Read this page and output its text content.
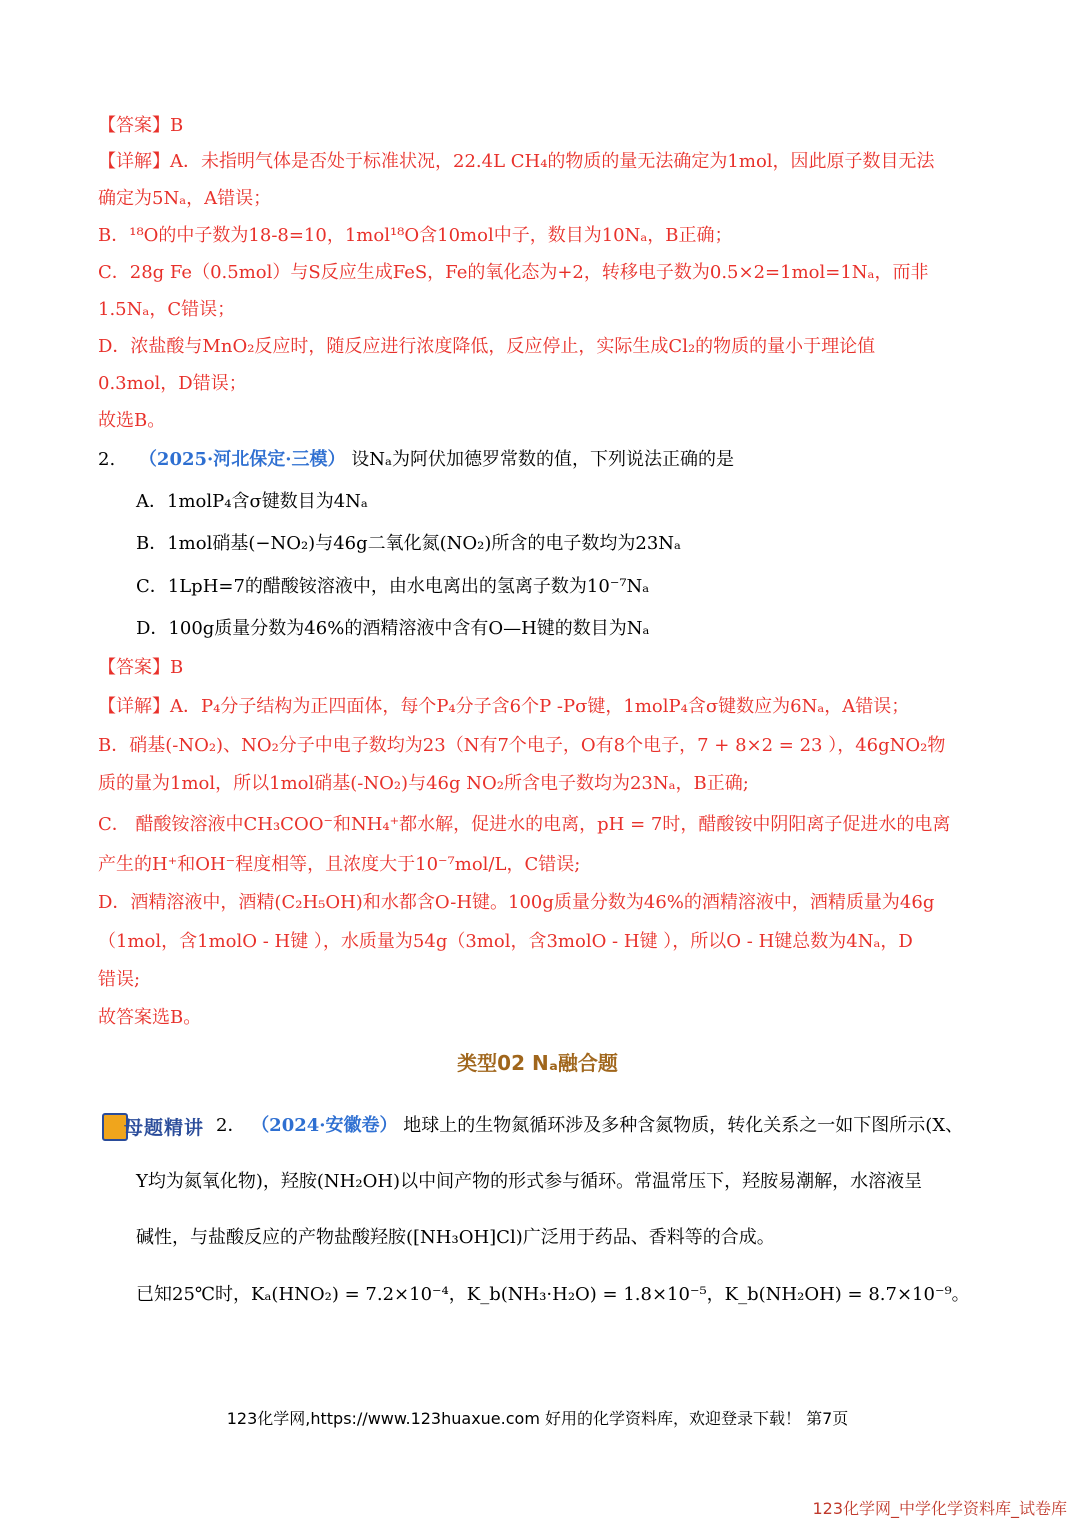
【答案】B
【详解】A．未指明气体是否处于标准状况，22.4L CH₄的物质的量无法确定为1mol，因此原子数目无法
确定为5Nₐ，A错误；
B．¹⁸O的中子数为18-8=10，1mol¹⁸O含10mol中子，数目为10Nₐ，B正确；
C．28g Fe（0.5mol）与S反应生成FeS，Fe的氧化态为+2，转移电子数为0.5×2=1mol=1Nₐ，而非
1.5Nₐ，C错误；
D．浓盐酸与MnO₂反应时，随反应进行浓度降低，反应停止，实际生成Cl₂的物质的量小于理论值
0.3mol，D错误；
故选B。
2. （2025·河北保定·三模） 设Nₐ为阿伏加德罗常数的值，下列说法正确的是
A．1molP₄含σ键数目为4Nₐ
B．1mol硝基(−NO₂)与46g二氧化氮(NO₂)所含的电子数均为23Nₐ
C．1LpH=7的醋酸铵溶液中，由水电离出的氢离子数为10⁻⁷Nₐ
D．100g质量分数为46%的酒精溶液中含有O—H键的数目为Nₐ
【答案】B
【详解】A．P₄分子结构为正四面体，每个P₄分子含6个P -Pσ键，1molP₄含σ键数应为6Nₐ，A错误；
B．硝基(-NO₂)、NO₂分子中电子数均为23（N有7个电子，O有8个电子，7 + 8×2 = 23 ），46gNO₂物
质的量为1mol，所以1mol硝基(-NO₂)与46g NO₂所含电子数均为23Nₐ，B正确;
C． 醋酸铵溶液中CH₃COO⁻和NH₄⁺都水解，促进水的电离，pH = 7时，醋酸铵中阴阳离子促进水的电离
产生的H⁺和OH⁻程度相等，且浓度大于10⁻⁷mol/L，C错误;
D．酒精溶液中，酒精(C₂H₅OH)和水都含O-H键。100g质量分数为46%的酒精溶液中，酒精质量为46g
（1mol，含1molO - H键 ），水质量为54g（3mol，含3molO - H键 ），所以O - H键总数为4Nₐ，D
错误;
故答案选B。
类型02 Nₐ融合题
母题精讲 2． （2024·安徽卷） 地球上的生物氮循环涉及多种含氮物质，转化关系之一如下图所示(X、
Y均为氮氧化物)，羟胺(NH₂OH)以中间产物的形式参与循环。常温常压下，羟胺易潮解，水溶液呈
碱性，与盐酸反应的产物盐酸羟胺([NH₃OH]Cl)广泛用于药品、香料等的合成。
已知25℃时，Kₐ(HNO₂) = 7.2×10⁻⁴，K_b(NH₃·H₂O) = 1.8×10⁻⁵，K_b(NH₂OH) = 8.7×10⁻⁹。
123化学网,https://www.123huaxue.com 好用的化学资料库，欢迎登录下载！ 第7页
123化学网_中学化学资料库_试卷库
